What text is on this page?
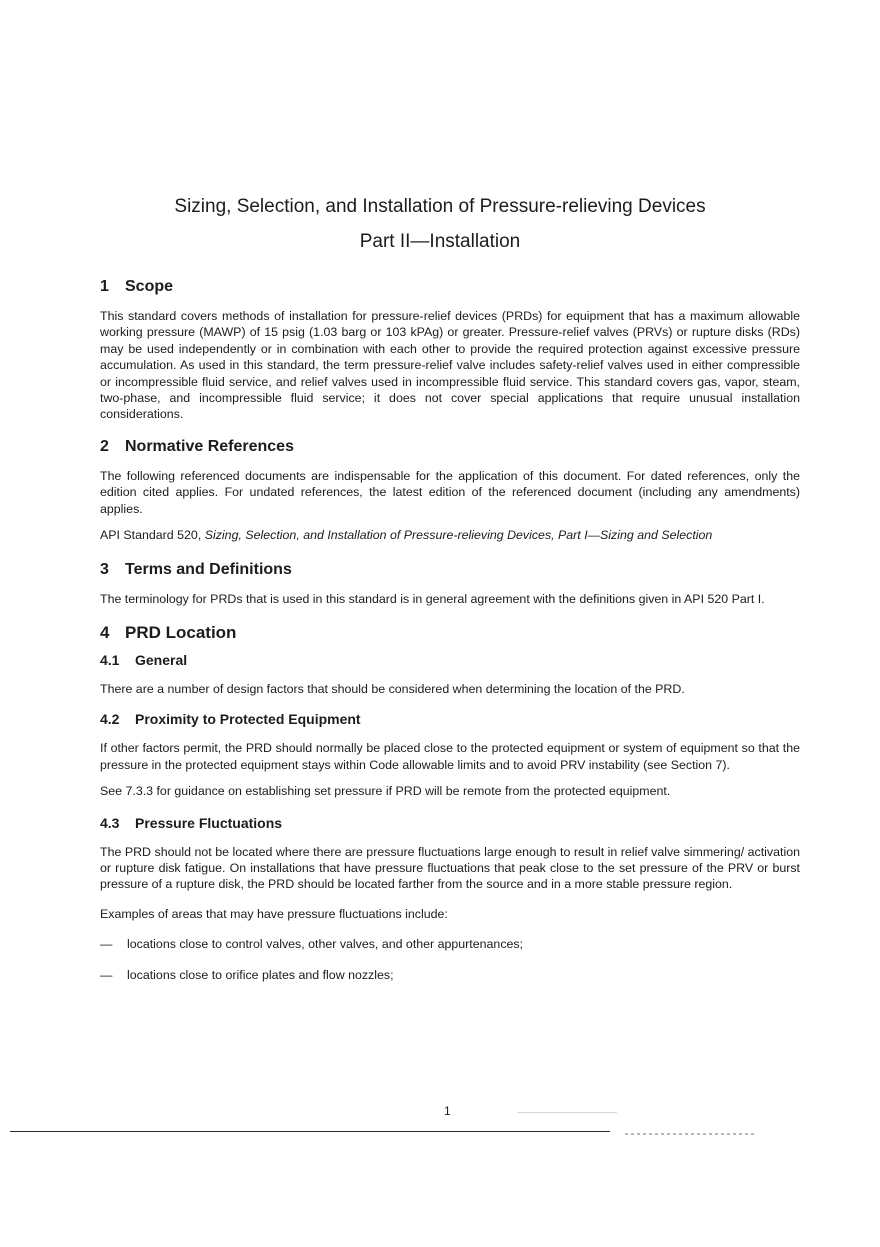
Sizing, Selection, and Installation of Pressure-relieving Devices
Part II—Installation
1 Scope

This standard covers methods of installation for pressure-relief devices (PRDs) for equipment that has a maximum allowable working pressure (MAWP) of 15 psig (1.03 barg or 103 kPAg) or greater. Pressure-relief valves (PRVs) or rupture disks (RDs) may be used independently or in combination with each other to provide the required protection against excessive pressure accumulation. As used in this standard, the term pressure-relief valve includes safety-relief valves used in either compressible or incompressible fluid service, and relief valves used in incompressible fluid service. This standard covers gas, vapor, steam, two-phase, and incompressible fluid service; it does not cover special applications that require unusual installation considerations.

2 Normative References

The following referenced documents are indispensable for the application of this document. For dated references, only the edition cited applies. For undated references, the latest edition of the referenced document (including any amendments) applies.

API Standard 520, Sizing, Selection, and Installation of Pressure-relieving Devices, Part I—Sizing and Selection

3 Terms and Definitions

The terminology for PRDs that is used in this standard is in general agreement with the definitions given in API 520 Part I.

4 PRD Location
4.1 General

There are a number of design factors that should be considered when determining the location of the PRD.

4.2 Proximity to Protected Equipment

If other factors permit, the PRD should normally be placed close to the protected equipment or system of equipment so that the pressure in the protected equipment stays within Code allowable limits and to avoid PRV instability (see Section 7).

See 7.3.3 for guidance on establishing set pressure if PRD will be remote from the protected equipment.

4.3 Pressure Fluctuations

The PRD should not be located where there are pressure fluctuations large enough to result in relief valve simmering/ activation or rupture disk fatigue. On installations that have pressure fluctuations that peak close to the set pressure of the PRV or burst pressure of a rupture disk, the PRD should be located farther from the source and in a more stable pressure region.

Examples of areas that may have pressure fluctuations include:

—	locations close to control valves, other valves, and other appurtenances;
—	locations close to orifice plates and flow nozzles;
1
